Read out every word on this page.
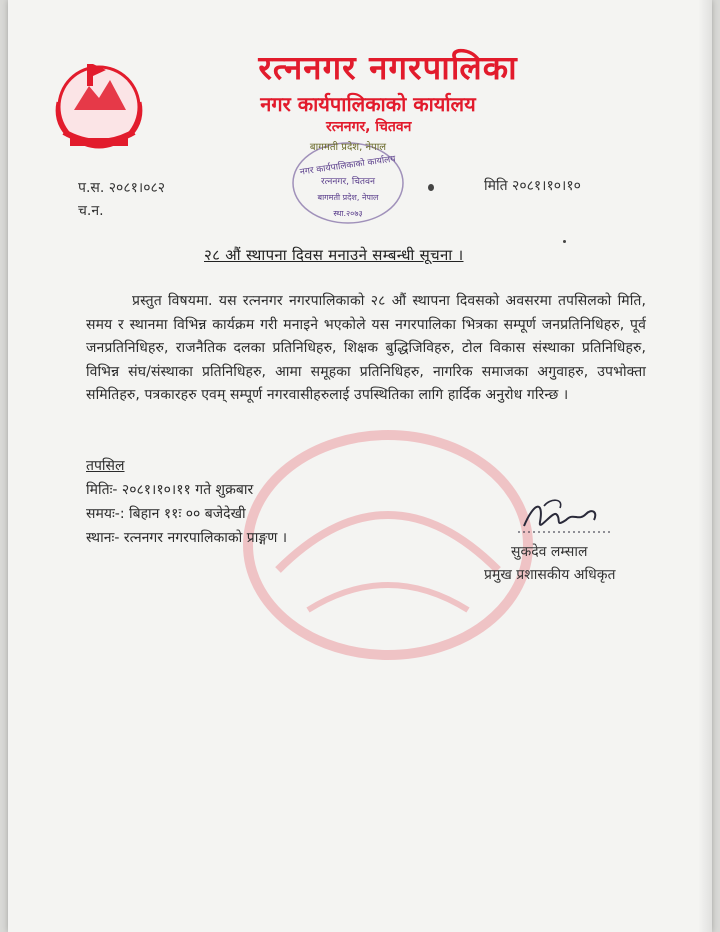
रत्ननगर नगरपालिका
नगर कार्यपालिकाको कार्यालय
रत्ननगर, चितवन
बागमती प्रदेश, नेपाल
नगर कार्यपालिकाको कार्यालय
रत्ननगर, चितवन
बागमती प्रदेश, नेपाल
स्था.२०७३
प.स. २०८१।०८२
च.न.
मिति २०८१।१०।१०
२८ औं स्थापना दिवस मनाउने सम्बन्धी सूचना ।
प्रस्तुत विषयमा. यस रत्ननगर नगरपालिकाको २८ औं स्थापना दिवसको अवसरमा तपसिलको मिति, समय र स्थानमा विभिन्न कार्यक्रम गरी मनाइने भएकोले यस नगरपालिका भित्रका सम्पूर्ण जनप्रतिनिधिहरु, पूर्व जनप्रतिनिधिहरु, राजनैतिक दलका प्रतिनिधिहरु, शिक्षक बुद्धिजिविहरु, टोल विकास संस्थाका प्रतिनिधिहरु, विभिन्न संघ/संस्थाका प्रतिनिधिहरु, आमा समूहका प्रतिनिधिहरु, नागरिक समाजका अगुवाहरु, उपभोक्ता समितिहरु, पत्रकारहरु एवम् सम्पूर्ण नगरवासीहरुलाई उपस्थितिका लागि हार्दिक अनुरोध गरिन्छ ।
तपसिल
मितिः- २०८१।१०।११ गते शुक्रबार
समयः-: बिहान ११ः ०० बजेदेखी
स्थानः- रत्ननगर नगरपालिकाको प्राङ्गण ।
सुकदेव लम्साल
प्रमुख प्रशासकीय अधिकृत
